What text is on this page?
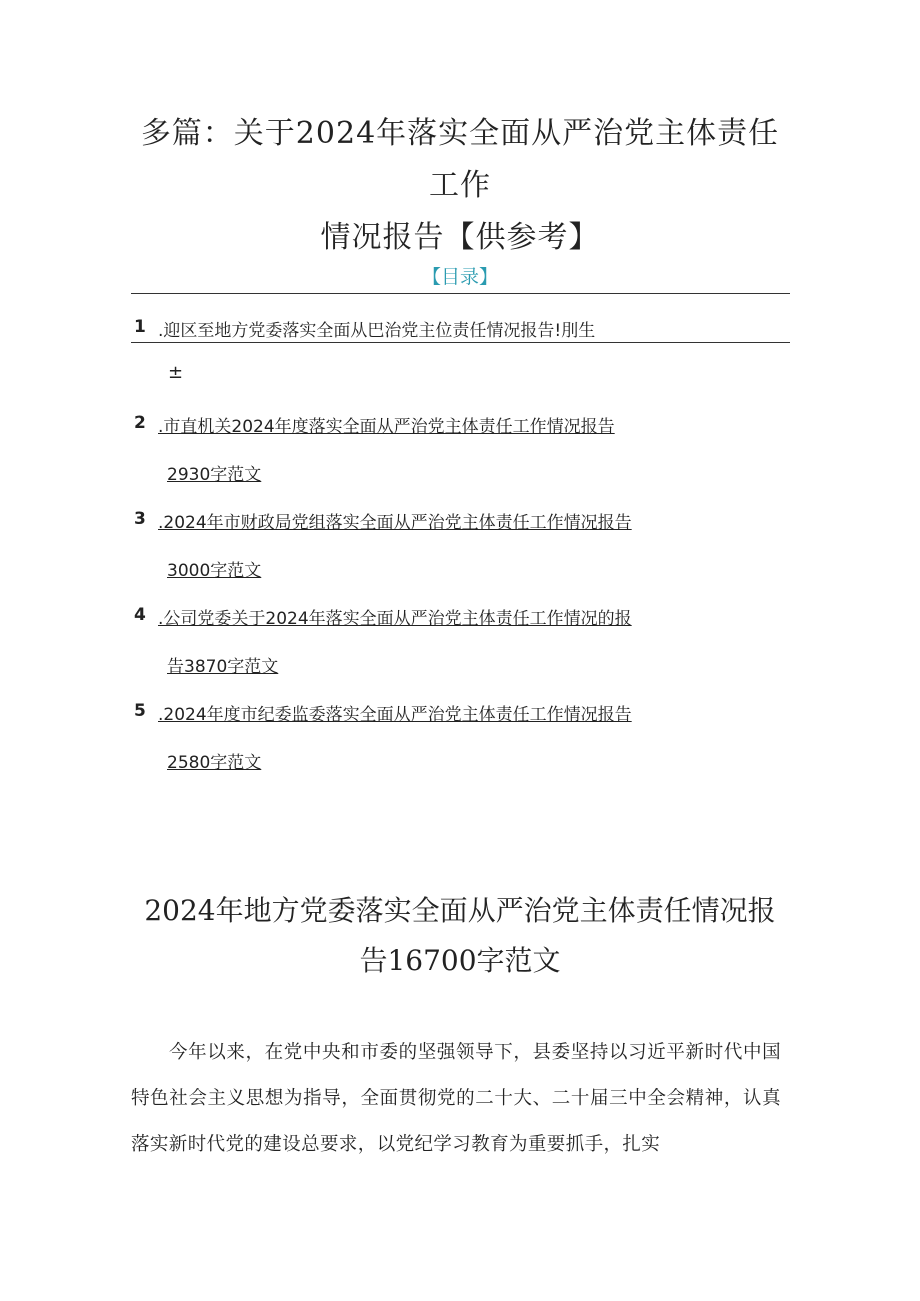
多篇：关于2024年落实全面从严治党主体责任工作
情况报告【供参考】
【目录】
1 .迎区至地方党委落实全面从巴治党主位责任情况报告!刖生
±
2 .市直机关2024年度落实全面从严治党主体责任工作情况报告
2930字范文
3 .2024年市财政局党组落实全面从严治党主体责任工作情况报告
3000字范文
4 .公司党委关于2024年落实全面从严治党主体责任工作情况的报
告3870字范文
5 .2024年度市纪委监委落实全面从严治党主体责任工作情况报告
2580字范文
2024年地方党委落实全面从严治党主体责任情况报
告16700字范文

今年以来，在党中央和市委的坚强领导下，县委坚持以习近平新时代中国特色社会主义思想为指导，全面贯彻党的二十大、二十届三中全会精神，认真落实新时代党的建设总要求，以党纪学习教育为重要抓手，扎实
